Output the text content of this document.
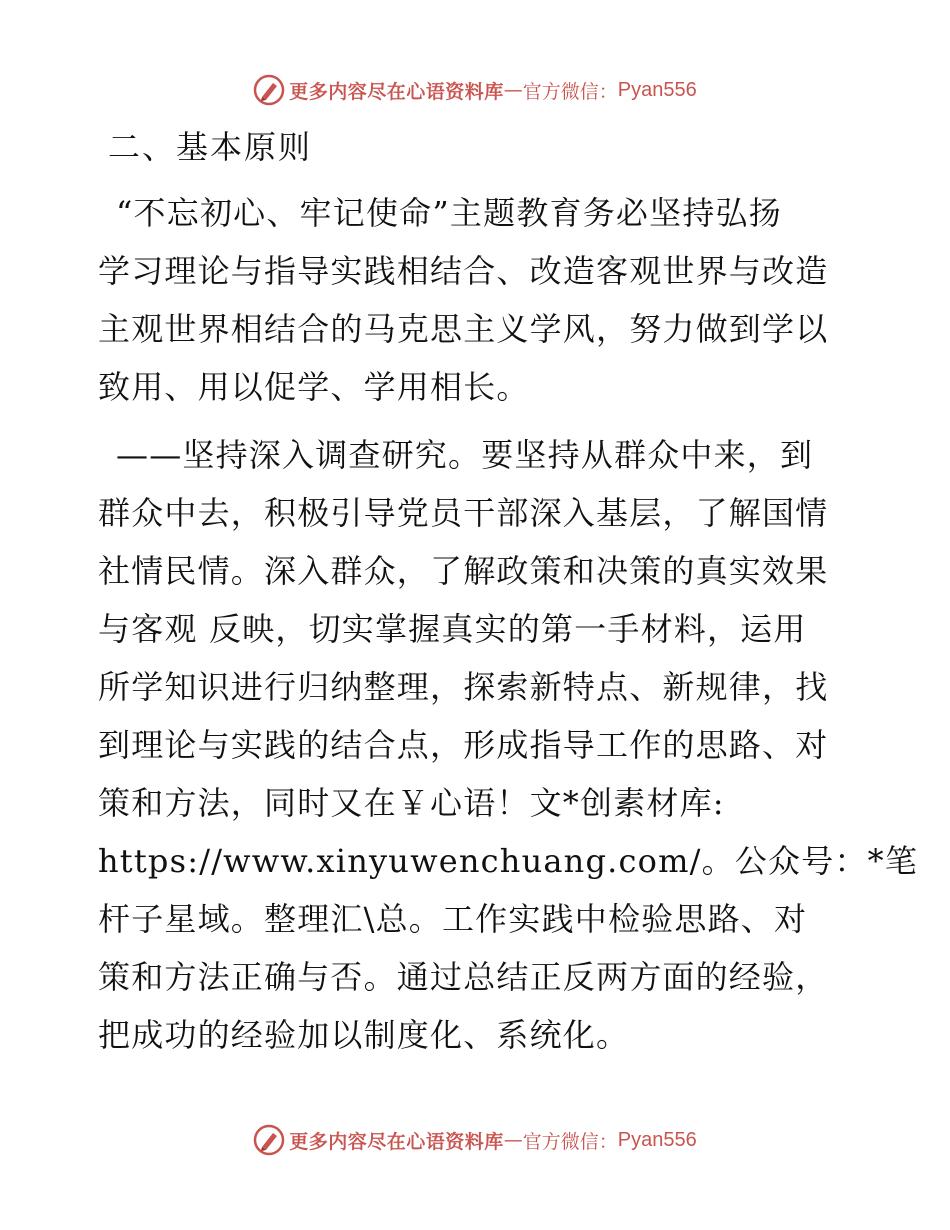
更多内容尽在心语资料库 — 官方微信： Pyan556
二、基本原则
“不忘初心、牢记使命”主题教育务必坚持弘扬
学习理论与指导实践相结合、改造客观世界与改造
主观世界相结合的马克思主义学风，努力做到学以
致用、用以促学、学用相长。
——坚持深入调查研究。要坚持从群众中来，到
群众中去，积极引导党员干部深入基层，了解国情
社情民情。深入群众，了解政策和决策的真实效果
与客观 反映，切实掌握真实的第一手材料，运用
所学知识进行归纳整理，探索新特点、新规律，找
到理论与实践的结合点，形成指导工作的思路、对
策和方法，同时又在￥心语！文*创素材库:
https://www.xinyuwenchuang.com/。公众号：*笔
杆子星域。整理汇\总。工作实践中检验思路、对
策和方法正确与否。通过总结正反两方面的经验，
把成功的经验加以制度化、系统化。
更多内容尽在心语资料库 — 官方微信： Pyan556
